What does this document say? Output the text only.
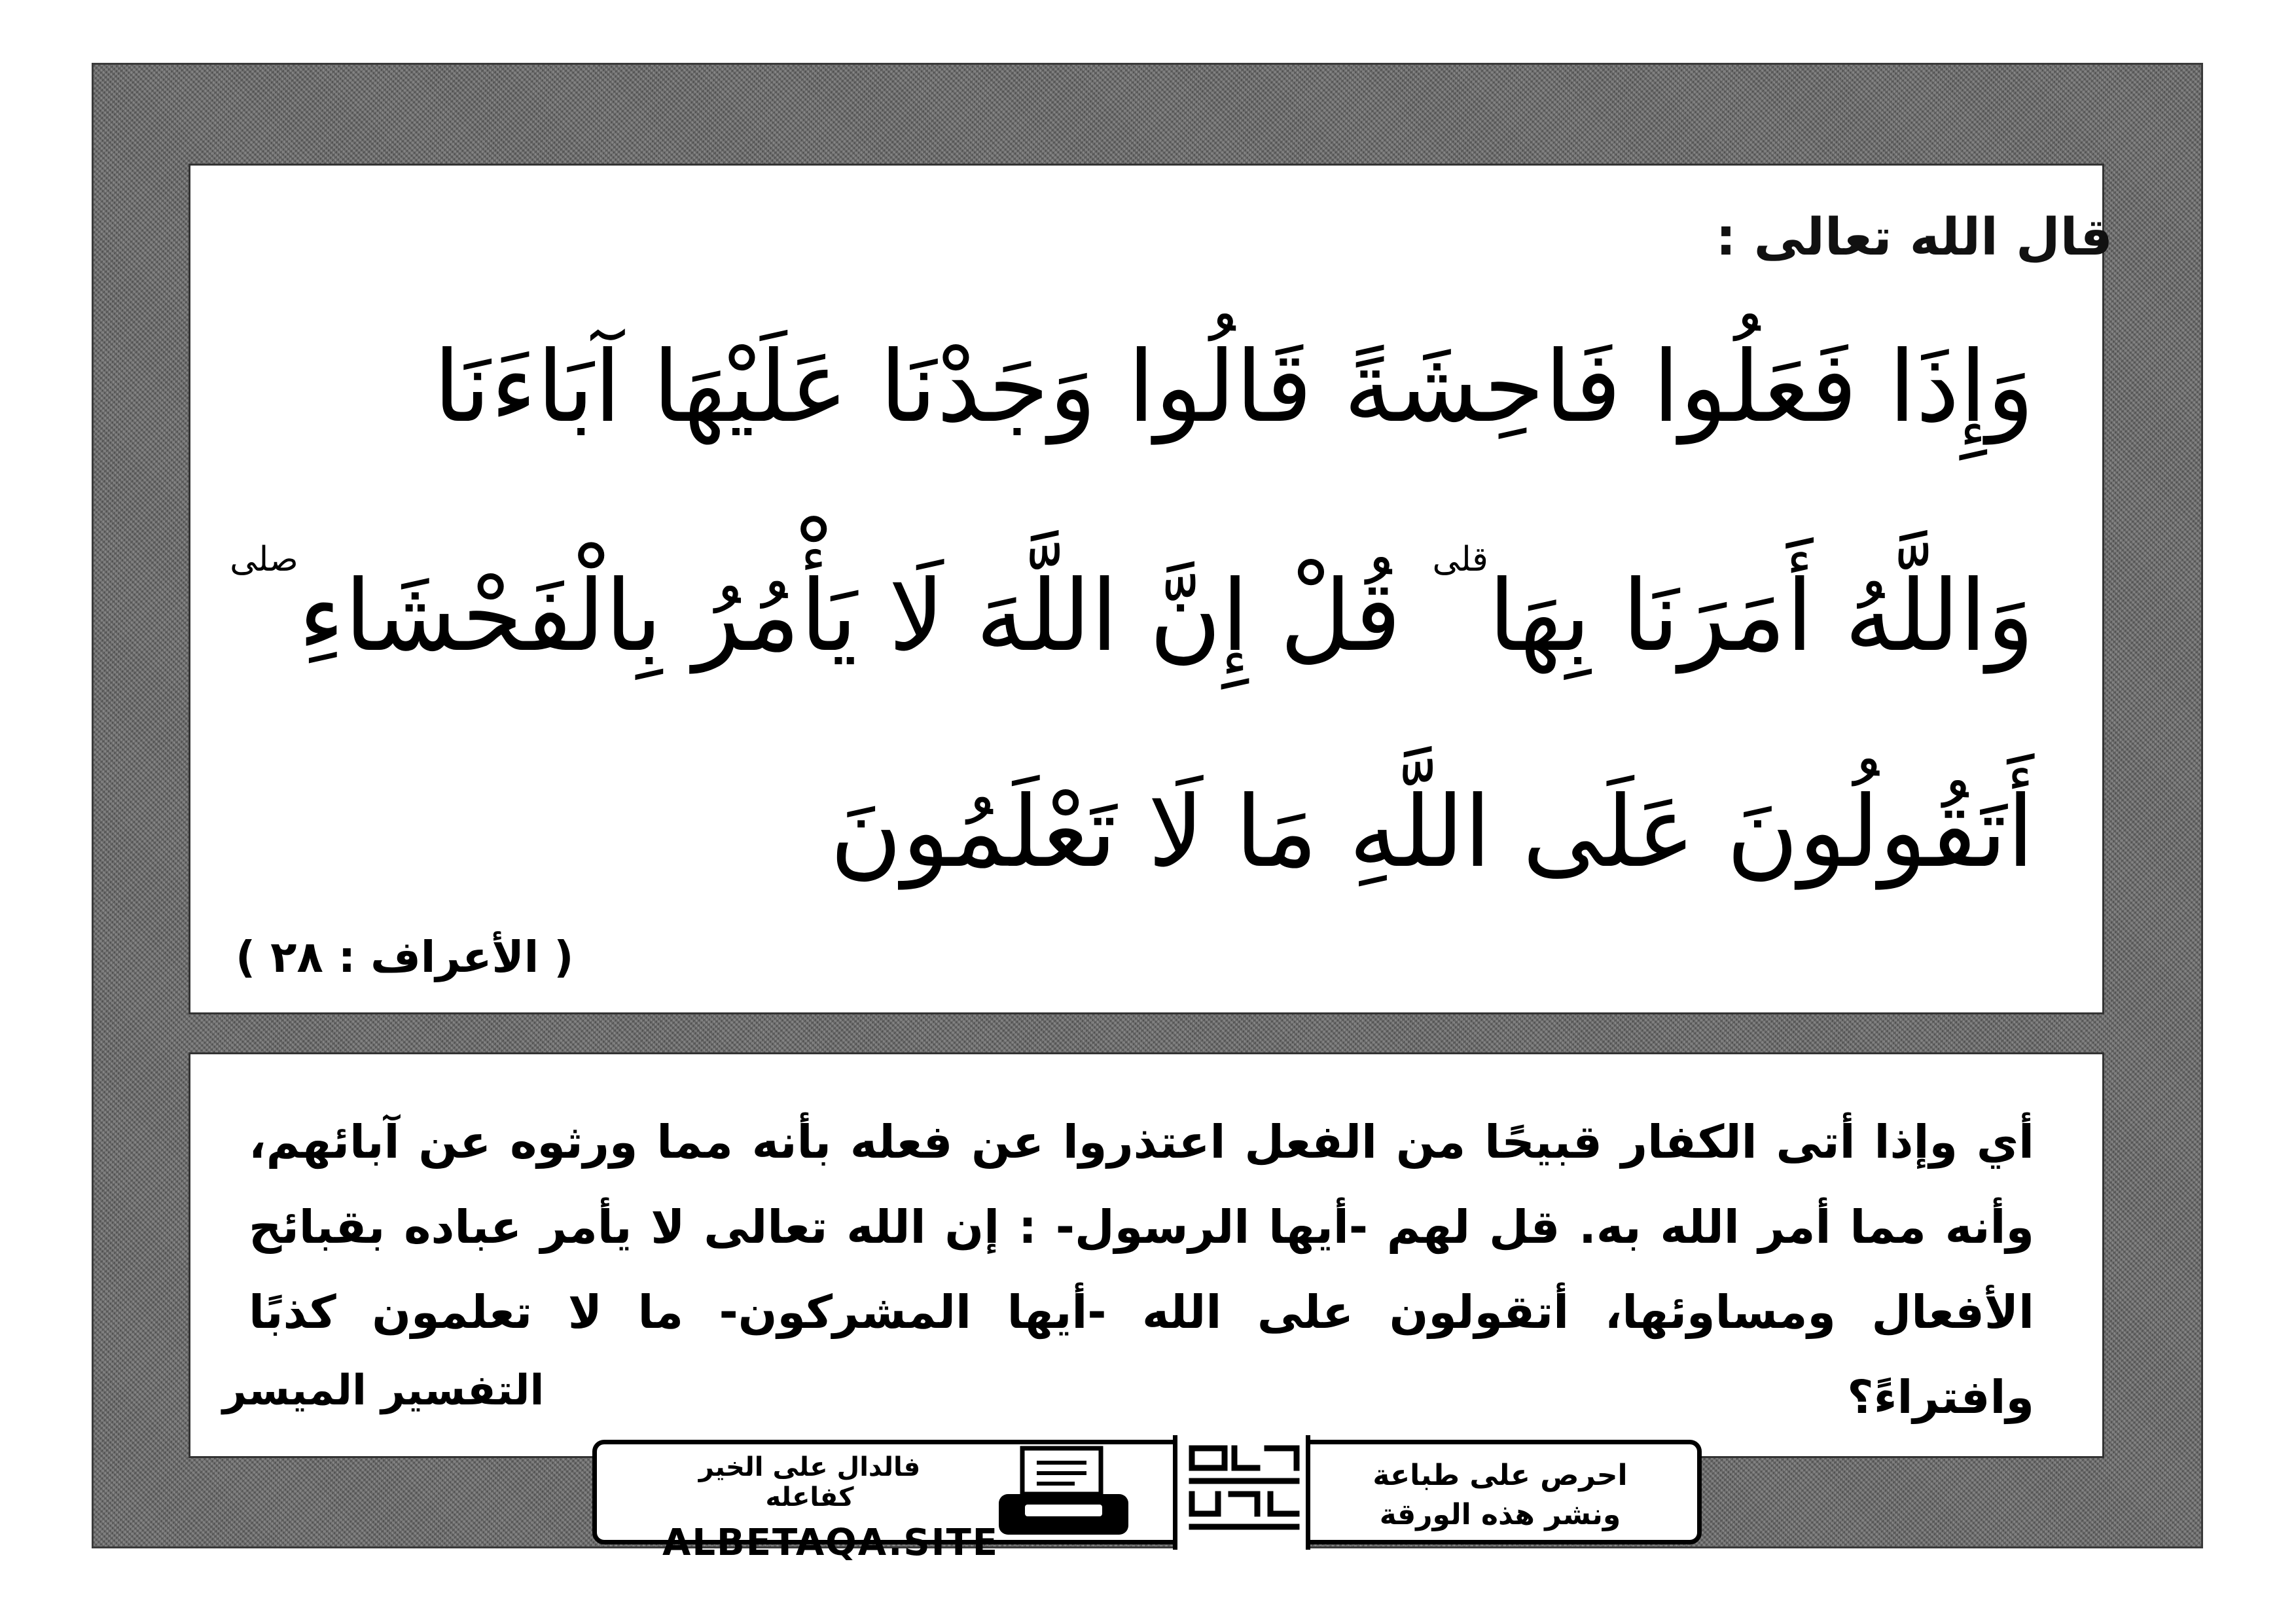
قال الله تعالى :
وَإِذَا فَعَلُوا فَاحِشَةً قَالُوا وَجَدْنَا عَلَيْهَا آبَاءَنَا
وَاللَّهُ أَمَرَنَا بِهَا$^{قلى}$ قُلْ إِنَّ اللَّهَ لَا يَأْمُرُ بِالْفَحْشَاءِ$^{صلى}$
أَتَقُولُونَ عَلَى اللَّهِ مَا لَا تَعْلَمُونَ
( الأعراف : ٢٨ )
أي وإذا أتى الكفار قبيحًا من الفعل اعتذروا عن فعله بأنه مما ورثوه عن آبائهم، وأنه مما أمر الله به. قل لهم -أيها الرسول- : إن الله تعالى لا يأمر عباده بقبائح الأفعال ومساوئها، أتقولون على الله -أيها المشركون- ما لا تعلمون كذبًا وافتراءً؟
التفسير الميسر
فالدال على الخير كفاعله
ALBETAQA.SITE
احرص على طباعة
ونشر هذه الورقة
